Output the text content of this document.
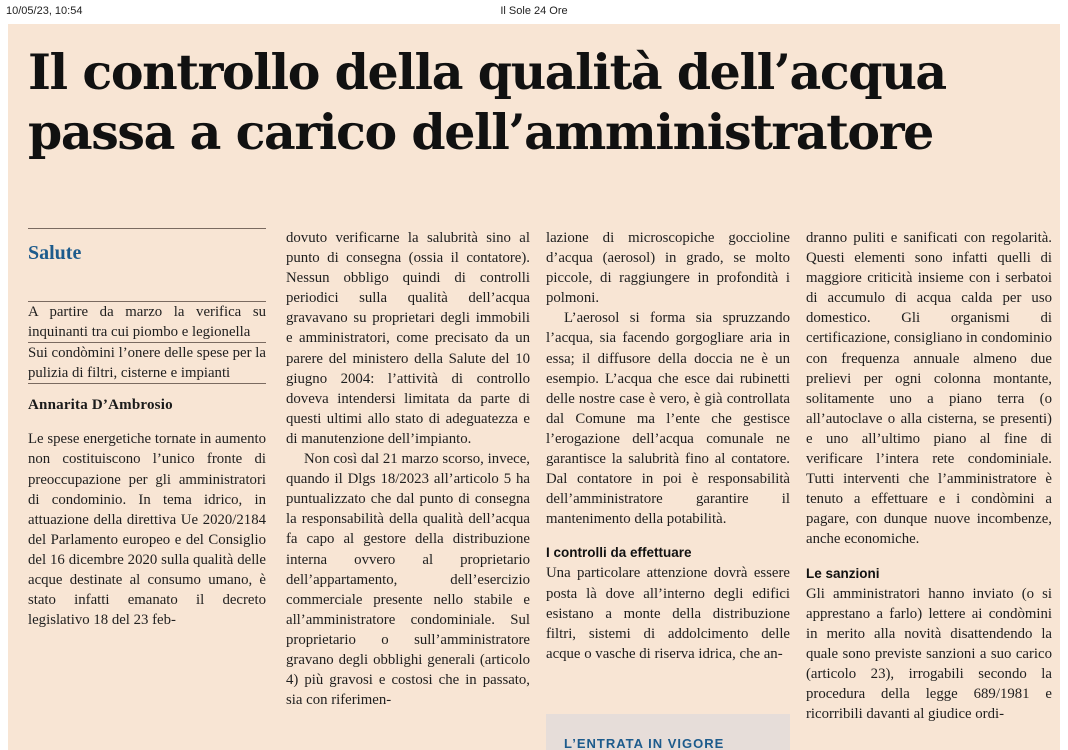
10/05/23, 10:54	Il Sole 24 Ore
Il controllo della qualità dell’acqua passa a carico dell’amministratore
Salute

A partire da marzo la verifica su inquinanti tra cui piombo e legionella

Sui condòmini l’onere delle spese per la pulizia di filtri, cisterne e impianti

Annarita D’Ambrosio

Le spese energetiche tornate in aumento non costituiscono l’unico fronte di preoccupazione per gli amministratori di condominio. In tema idrico, in attuazione della direttiva Ue 2020/2184 del Parlamento europeo e del Consiglio del 16 dicembre 2020 sulla qualità delle acque destinate al consumo umano, è stato infatti emanato il decreto legislativo 18 del 23 feb-

dovuto verificarne la salubrità sino al punto di consegna (ossia il contatore). Nessun obbligo quindi di controlli periodici sulla qualità dell’acqua gravavano su proprietari degli immobili e amministratori, come precisato da un parere del ministero della Salute del 10 giugno 2004: l’attività di controllo doveva intendersi limitata da parte di questi ultimi allo stato di adeguatezza e di manutenzione dell’impianto.

Non così dal 21 marzo scorso, invece, quando il Dlgs 18/2023 all’articolo 5 ha puntualizzato che dal punto di consegna la responsabilità della qualità dell’acqua fa capo al gestore della distribuzione interna ovvero al proprietario dell’appartamento, dell’esercizio commerciale presente nello stabile e all’amministratore condominiale. Sul proprietario o sull’amministratore gravano degli obblighi generali (articolo 4) più gravosi e costosi che in passato, sia con riferimen-

lazione di microscopiche goccioline d’acqua (aerosol) in grado, se molto piccole, di raggiungere in profondità i polmoni.

L’aerosol si forma sia spruzzando l’acqua, sia facendo gorgogliare aria in essa; il diffusore della doccia ne è un esempio. L’acqua che esce dai rubinetti delle nostre case è vero, è già controllata dal Comune ma l’ente che gestisce l’erogazione dell’acqua comunale ne garantisce la salubrità fino al contatore. Dal contatore in poi è responsabilità dell’amministratore garantire il mantenimento della potabilità.

I controlli da effettuare

Una particolare attenzione dovrà essere posta là dove all’interno degli edifici esistano a monte della distribuzione filtri, sistemi di addolcimento delle acque o vasche di riserva idrica, che an-

dranno puliti e sanificati con regolarità. Questi elementi sono infatti quelli di maggiore criticità insieme con i serbatoi di accumulo di acqua calda per uso domestico. Gli organismi di certificazione, consigliano in condominio con frequenza annuale almeno due prelievi per ogni colonna montante, solitamente uno a piano terra (o all’autoclave o alla cisterna, se presenti) e uno all’ultimo piano al fine di verificare l’intera rete condominiale. Tutti interventi che l’amministratore è tenuto a effettuare e i condòmini a pagare, con dunque nuove incombenze, anche economiche.

Le sanzioni

Gli amministratori hanno inviato (o si apprestano a farlo) lettere ai condòmini in merito alla novità disattendendo la quale sono previste sanzioni a suo carico (articolo 23), irrogabili secondo la procedura della legge 689/1981 e ricorribili davanti al giudice ordi-

L’ENTRATA IN VIGORE
